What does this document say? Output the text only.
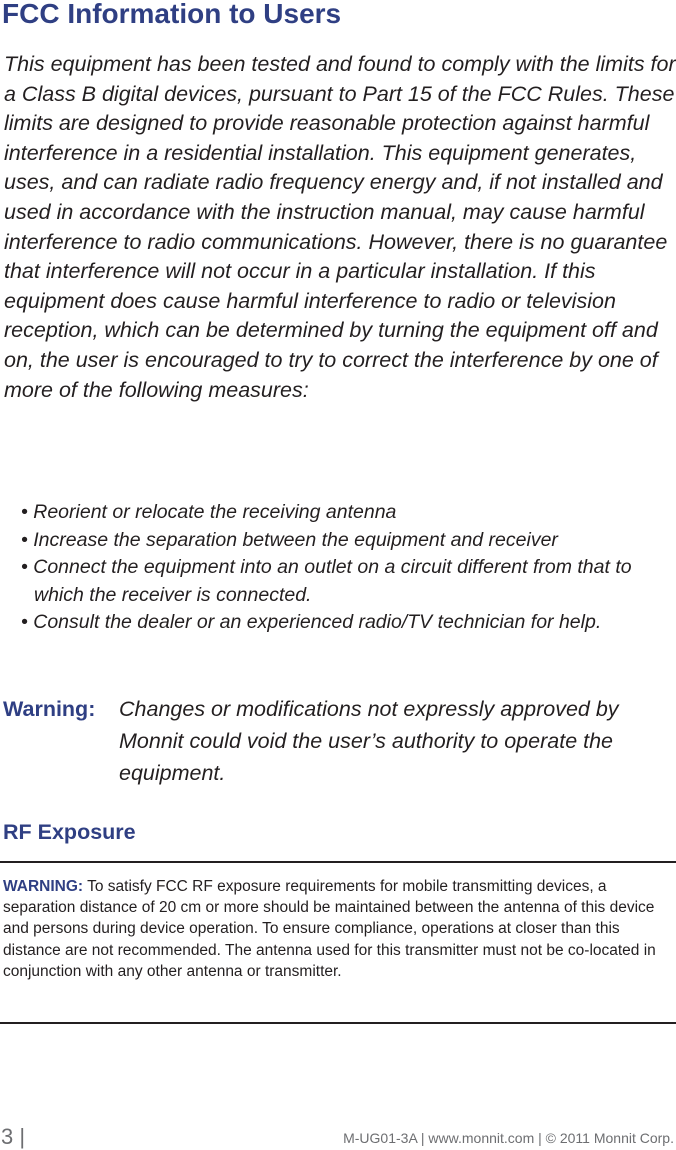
FCC Information to Users

This equipment has been tested and found to comply with the limits for a Class B digital devices, pursuant to Part 15 of the FCC Rules. These limits are designed to provide reasonable protection against harmful interference in a residential installation. This equipment generates, uses, and can radiate radio frequency energy and, if not installed and used in accordance with the instruction manual, may cause harmful interference to radio communications. However, there is no guarantee that interference will not occur in a particular installation. If this equipment does cause harmful interference to radio or television reception, which can be determined by turning the equipment off and on, the user is encouraged to try to correct the interference by one of more of the following measures:

• Reorient or relocate the receiving antenna
• Increase the separation between the equipment and receiver
• Connect the equipment into an outlet on a circuit different from that to which the receiver is connected.
• Consult the dealer or an experienced radio/TV technician for help.
Warning:	Changes or modifications not expressly approved by Monnit could void the user’s authority to operate the equipment.
RF Exposure

WARNING: To satisfy FCC RF exposure requirements for mobile transmitting devices, a separation distance of 20 cm or more should be maintained between the antenna of this device and persons during device operation. To ensure compliance, operations at closer than this distance are not recommended. The antenna used for this transmitter must not be co-located in conjunction with any other antenna or transmitter.

3 |	M-UG01-3A | www.monnit.com | © 2011 Monnit Corp.
